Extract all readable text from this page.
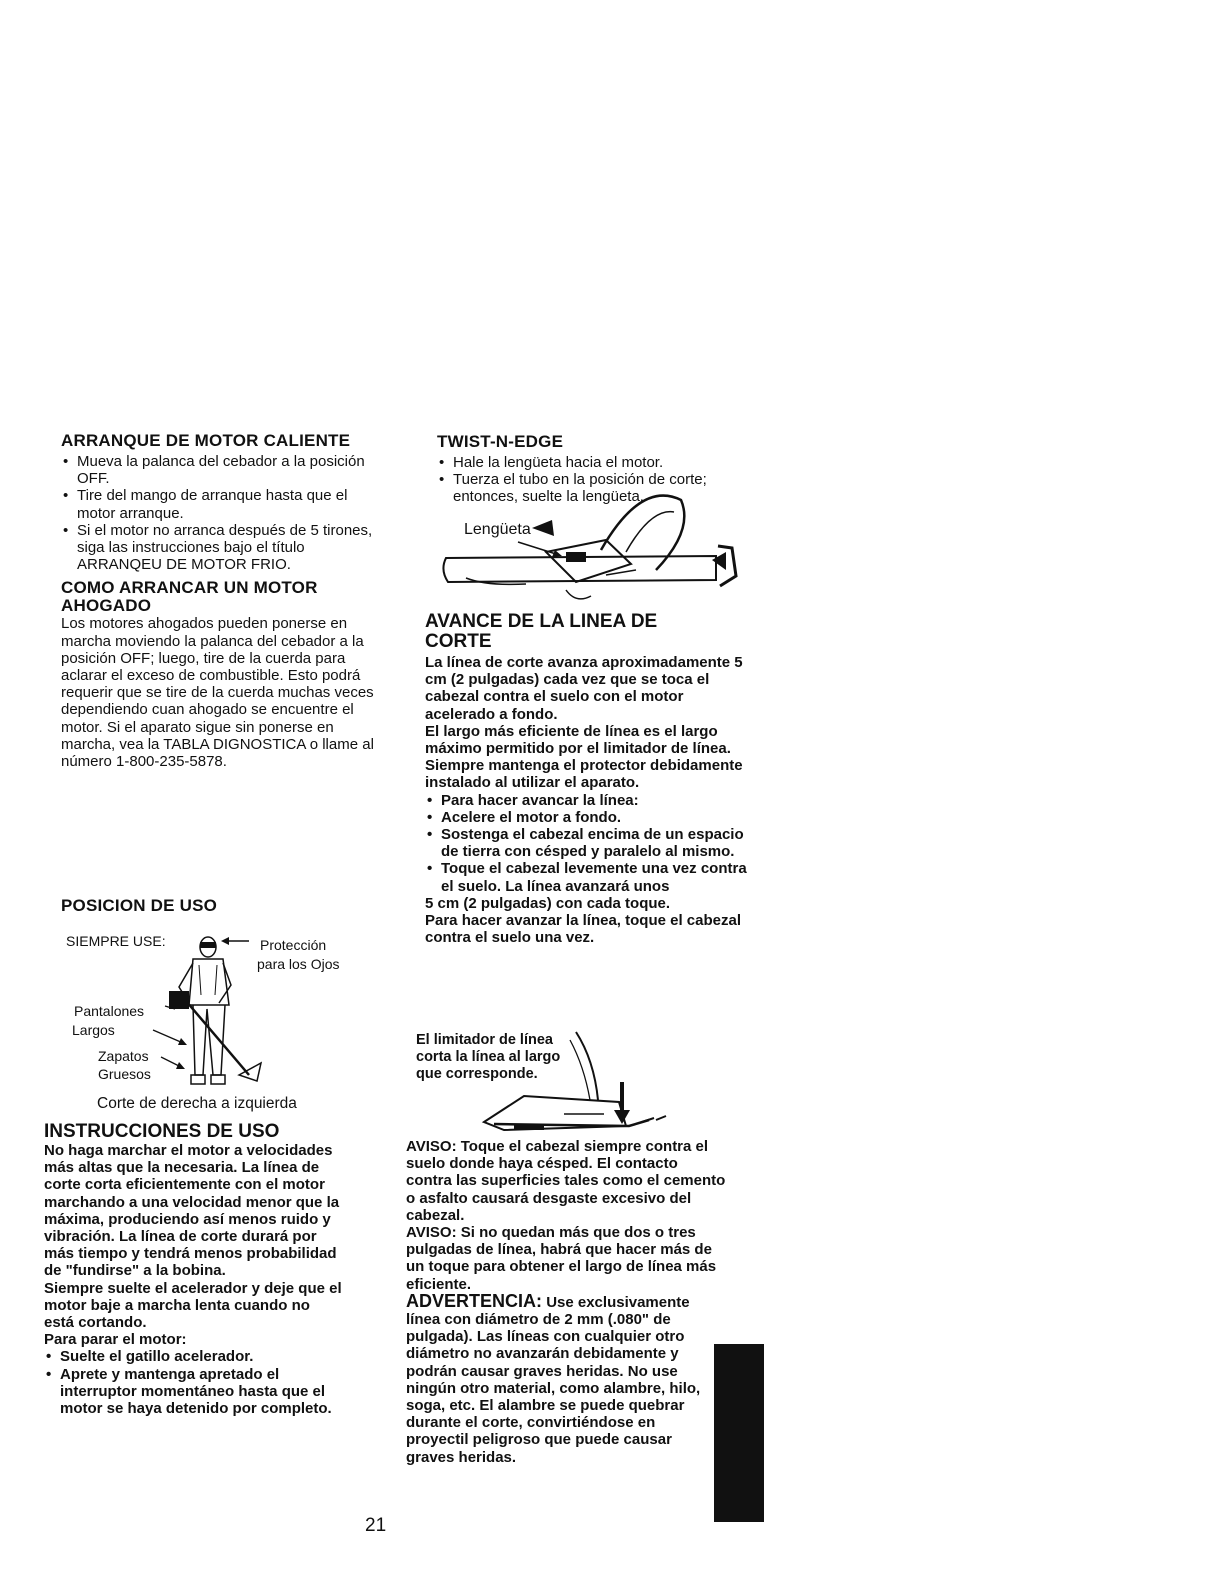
ARRANQUE DE MOTOR CALIENTE
• Mueva la palanca del cebador a la posición OFF.
• Tire del mango de arranque hasta que el motor arranque.
• Si el motor no arranca después de 5 tirones, siga las instrucciones bajo el título ARRANQEU DE MOTOR FRIO.
COMO ARRANCAR UN MOTOR AHOGADO

Los motores ahogados pueden ponerse en marcha moviendo la palanca del cebador a la posición OFF; luego, tire de la cuerda para aclarar el exceso de combustible. Esto podrá requerir que se tire de la cuerda muchas veces dependiendo cuan ahogado se encuentre el motor. Si el aparato sigue sin ponerse en marcha, vea la TABLA DIGNOSTICA o llame al número 1-800-235-5878.

POSICION DE USO
SIEMPRE USE:	Protección
para los Ojos
Pantalones
Largos
Zapatos
Gruesos
Corte de derecha a izquierda
INSTRUCCIONES DE USO

No haga marchar el motor a velocidades más altas que la necesaria. La línea de corte corta eficientemente con el motor marchando a una velocidad menor que la máxima, produciendo así menos ruido y vibración. La línea de corte durará por más tiempo y tendrá menos probabilidad de "fundirse" a la bobina.

Siempre suelte el acelerador y deje que el motor baje a marcha lenta cuando no está cortando.

Para parar el motor:

• Suelte el gatillo acelerador.
• Aprete y mantenga apretado el interruptor momentáneo hasta que el motor se haya detenido por completo.
TWIST-N-EDGE
• Hale la lengüeta hacia el motor.
• Tuerza el tubo en la posición de corte; entonces, suelte la lengüeta.
Lengüeta
AVANCE DE LA LINEA DE CORTE

La línea de corte avanza aproximadamente 5 cm (2 pulgadas) cada vez que se toca el cabezal contra el suelo con el motor acelerado a fondo.

El largo más eficiente de línea es el largo máximo permitido por el limitador de línea.

Siempre mantenga el protector debidamente instalado al utilizar el aparato.

• Para hacer avancar la línea:
• Acelere el motor a fondo.
• Sostenga el cabezal encima de un espacio de tierra con césped y paralelo al mismo.
• Toque el cabezal levemente una vez contra el suelo. La línea avanzará unos

5 cm (2 pulgadas) con cada toque.

Para hacer avanzar la línea, toque el cabezal contra el suelo una vez.

El limitador de línea corta la línea al largo que corresponde.

AVISO: Toque el cabezal siempre contra el suelo donde haya césped. El contacto contra las superficies tales como el cemento o asfalto causará desgaste excesivo del cabezal.

AVISO: Si no quedan más que dos o tres pulgadas de línea, habrá que hacer más de un toque para obtener el largo de línea más eficiente.

ADVERTENCIA: Use exclusivamente línea con diámetro de 2 mm (.080" de pulgada). Las líneas con cualquier otro diámetro no avanzarán debidamente y podrán causar graves heridas. No use ningún otro material, como alambre, hilo, soga, etc. El alambre se puede quebrar durante el corte, convirtiéndose en proyectil peligroso que puede causar graves heridas.

21
